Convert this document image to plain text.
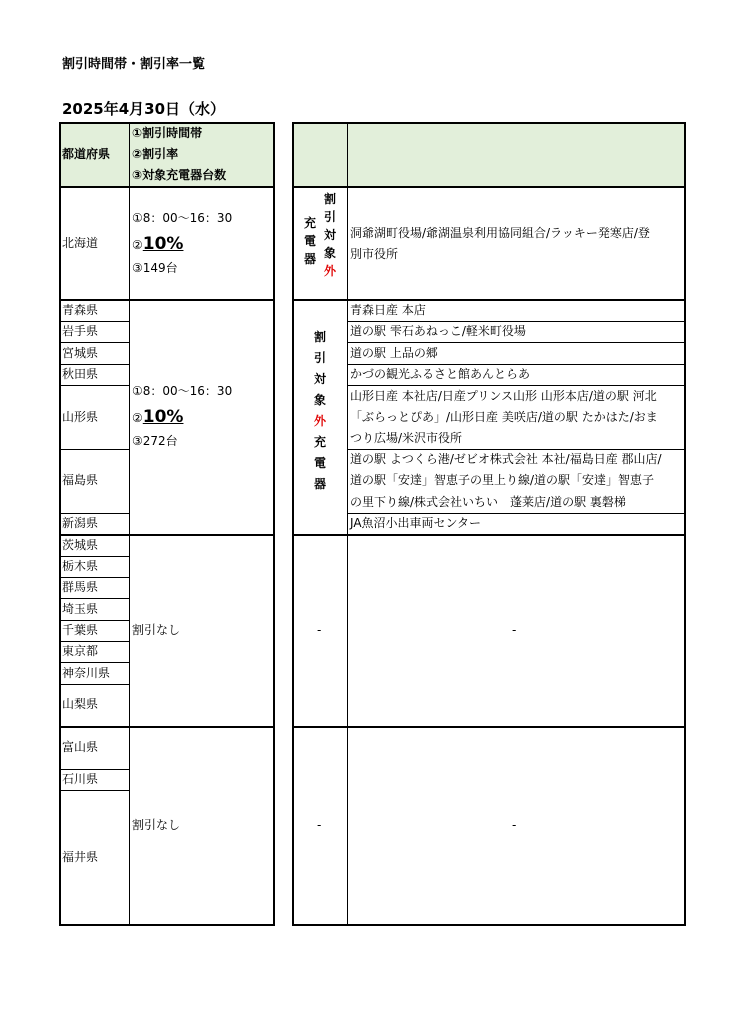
割引時間帯・割引率一覧
2025年4月30日（水）
都道府県
①割引時間帯
②割引率
③対象充電器台数
北海道
①8：00～16：30
②10%
③149台
青森県
岩手県
宮城県
秋田県
山形県
福島県
新潟県
①8：00～16：30
②10%
③272台
茨城県
栃木県
群馬県
埼玉県
千葉県
東京都
神奈川県
山梨県
割引なし
富山県
石川県
福井県
割引なし

充
電
器
割
引
対
象
外
洞爺湖町役場/爺湖温泉利用協同組合/ラッキー発寒店/登
別市役所
割
引
対
象
外
充
電
器
青森日産 本店
道の駅 雫石あねっこ/軽米町役場
道の駅 上品の郷
かづの観光ふるさと館あんとらあ
山形日産 本社店/日産プリンス山形 山形本店/道の駅 河北
「ぶらっとぴあ」/山形日産 美咲店/道の駅 たかはた/おま
つり広場/米沢市役所
道の駅 よつくら港/ゼビオ株式会社 本社/福島日産 郡山店/
道の駅「安達」智恵子の里上り線/道の駅「安達」智恵子
の里下り線/株式会社いちい　蓬莱店/道の駅 裏磐梯
JA魚沼小出車両センター
-	-
-	-
